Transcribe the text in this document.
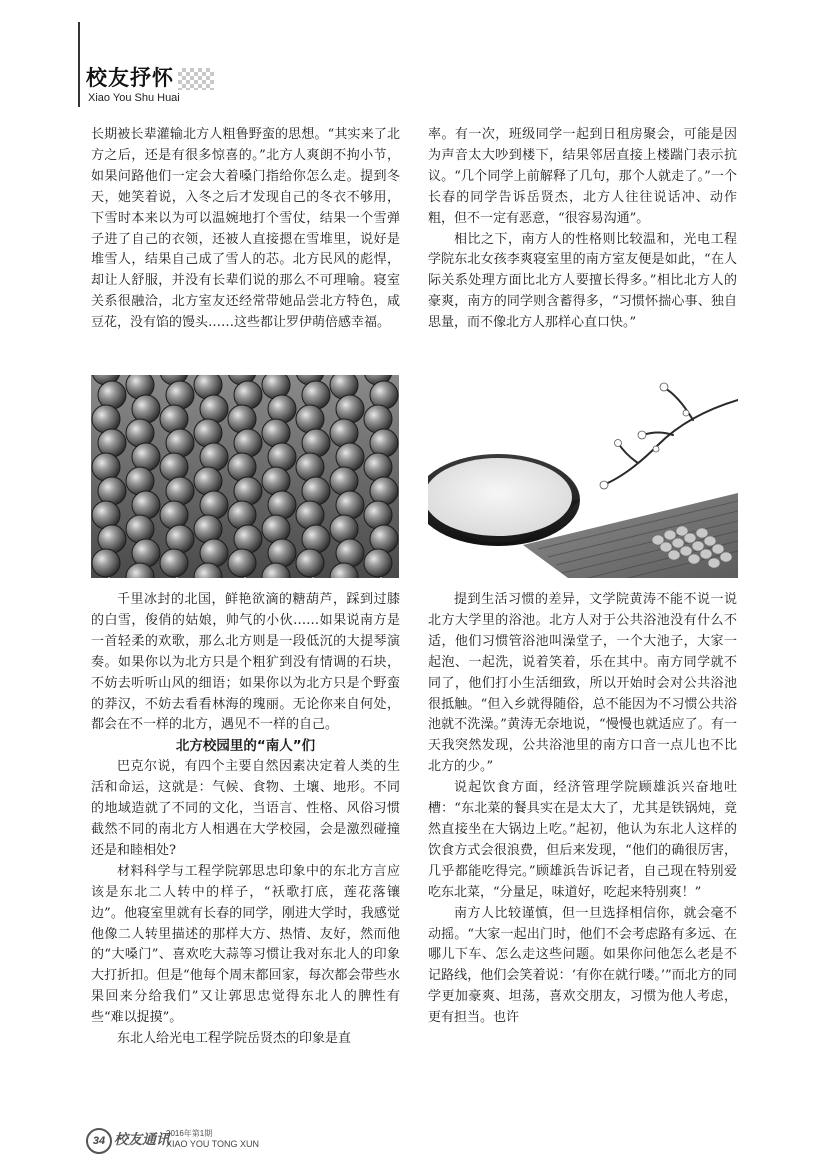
校友抒怀
Xiao You Shu Huai

长期被长辈灌输北方人粗鲁野蛮的思想。“其实来了北方之后，还是有很多惊喜的。”北方人爽朗不拘小节，如果问路他们一定会大着嗓门指给你怎么走。提到冬天，她笑着说，入冬之后才发现自己的冬衣不够用，下雪时本来以为可以温婉地打个雪仗，结果一个雪弹子进了自己的衣领，还被人直接摁在雪堆里，说好是堆雪人，结果自己成了雪人的芯。北方民风的彪悍，却让人舒服，并没有长辈们说的那么不可理喻。寝室关系很融洽，北方室友还经常带她品尝北方特色，咸豆花，没有馅的馒头……这些都让罗伊萌倍感幸福。

千里冰封的北国，鲜艳欲滴的糖葫芦，踩到过膝的白雪，俊俏的姑娘，帅气的小伙……如果说南方是一首轻柔的欢歌，那么北方则是一段低沉的大提琴演奏。如果你以为北方只是个粗犷到没有情调的石块，不妨去听听山风的细语；如果你以为北方只是个野蛮的莽汉，不妨去看看林海的瑰丽。无论你来自何处，都会在不一样的北方，遇见不一样的自己。

北方校园里的“南人”们

巴克尔说，有四个主要自然因素决定着人类的生活和命运，这就是：气候、食物、土壤、地形。不同的地域造就了不同的文化，当语言、性格、风俗习惯截然不同的南北方人相遇在大学校园，会是激烈碰撞还是和睦相处?

材料科学与工程学院郭思忠印象中的东北方言应该是东北二人转中的样子，“袄歌打底，莲花落镶边”。他寝室里就有长春的同学，刚进大学时，我感觉他像二人转里描述的那样大方、热情、友好，然而他的“大嗓门”、喜欢吃大蒜等习惯让我对东北人的印象大打折扣。但是“他每个周末都回家，每次都会带些水果回来分给我们”又让郭思忠觉得东北人的脾性有些“难以捉摸”。

东北人给光电工程学院岳贤杰的印象是直

率。有一次，班级同学一起到日租房聚会，可能是因为声音太大吵到楼下，结果邻居直接上楼踹门表示抗议。“几个同学上前解释了几句，那个人就走了。”一个长春的同学告诉岳贤杰，北方人往往说话冲、动作粗，但不一定有恶意，“很容易沟通”。

相比之下，南方人的性格则比较温和，光电工程学院东北女孩李爽寝室里的南方室友便是如此，“在人际关系处理方面比北方人要擅长得多。”相比北方人的豪爽，南方的同学则含蓄得多，“习惯怀揣心事、独自思量，而不像北方人那样心直口快。”

提到生活习惯的差异，文学院黄涛不能不说一说北方大学里的浴池。北方人对于公共浴池没有什么不适，他们习惯管浴池叫澡堂子，一个大池子，大家一起泡、一起洗，说着笑着，乐在其中。南方同学就不同了，他们打小生活细致，所以开始时会对公共浴池很抵触。“但入乡就得随俗，总不能因为不习惯公共浴池就不洗澡。”黄涛无奈地说，“慢慢也就适应了。有一天我突然发现，公共浴池里的南方口音一点儿也不比北方的少。”

说起饮食方面，经济管理学院顾雄浜兴奋地吐槽：“东北菜的餐具实在是太大了，尤其是铁锅炖，竟然直接坐在大锅边上吃。”起初，他认为东北人这样的饮食方式会很浪费，但后来发现，“他们的确很厉害，几乎都能吃得完。”顾雄浜告诉记者，自己现在特别爱吃东北菜，“分量足，味道好，吃起来特别爽！”

南方人比较谨慎，但一旦选择相信你，就会毫不动摇。“大家一起出门时，他们不会考虑路有多远、在哪儿下车、怎么走这些问题。如果你问他怎么老是不记路线，他们会笑着说：‘有你在就行喽。’”而北方的同学更加豪爽、坦荡，喜欢交朋友，习惯为他人考虑，更有担当。也许

34 校友通讯
2016年第1期
XIAO YOU TONG XUN
